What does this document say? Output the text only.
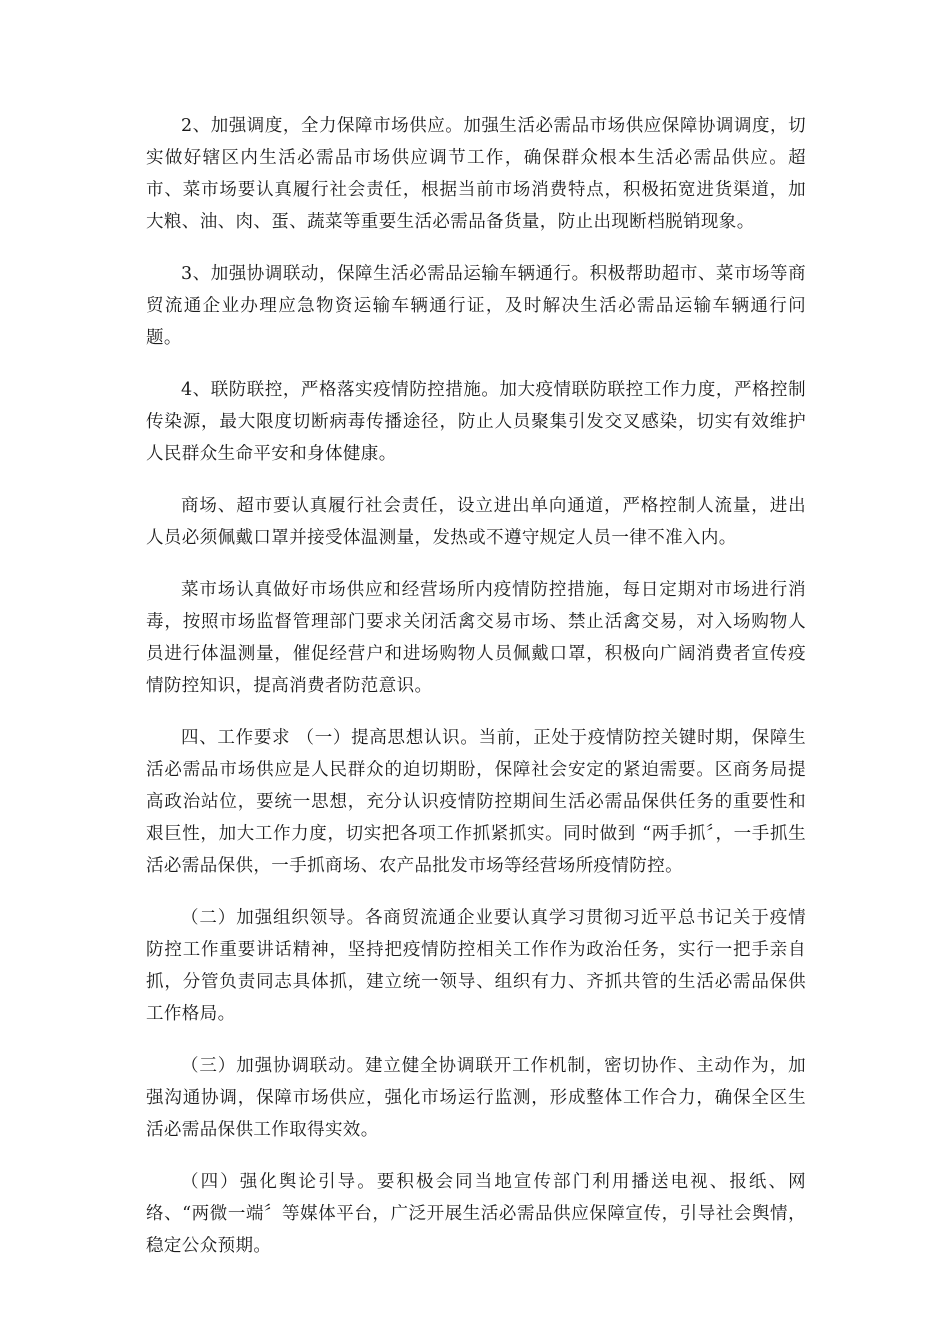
2、加强调度，全力保障市场供应。加强生活必需品市场供应保障协调调度，切实做好辖区内生活必需品市场供应调节工作，确保群众根本生活必需品供应。超市、菜市场要认真履行社会责任，根据当前市场消费特点，积极拓宽进货渠道，加大粮、油、肉、蛋、蔬菜等重要生活必需品备货量，防止出现断档脱销现象。

3、加强协调联动，保障生活必需品运输车辆通行。积极帮助超市、菜市场等商贸流通企业办理应急物资运输车辆通行证，及时解决生活必需品运输车辆通行问题。

4、联防联控，严格落实疫情防控措施。加大疫情联防联控工作力度，严格控制传染源，最大限度切断病毒传播途径，防止人员聚集引发交叉感染，切实有效维护人民群众生命平安和身体健康。

商场、超市要认真履行社会责任，设立进出单向通道，严格控制人流量，进出人员必须佩戴口罩并接受体温测量，发热或不遵守规定人员一律不准入内。

菜市场认真做好市场供应和经营场所内疫情防控措施，每日定期对市场进行消毒，按照市场监督管理部门要求关闭活禽交易市场、禁止活禽交易，对入场购物人员进行体温测量，催促经营户和进场购物人员佩戴口罩，积极向广阔消费者宣传疫情防控知识，提高消费者防范意识。

四、工作要求 （一）提高思想认识。当前，正处于疫情防控关键时期，保障生活必需品市场供应是人民群众的迫切期盼，保障社会安定的紧迫需要。区商务局提高政治站位，要统一思想，充分认识疫情防控期间生活必需品保供任务的重要性和艰巨性，加大工作力度，切实把各项工作抓紧抓实。同时做到 “两手抓〞，一手抓生活必需品保供，一手抓商场、农产品批发市场等经营场所疫情防控。

（二）加强组织领导。各商贸流通企业要认真学习贯彻习近平总书记关于疫情防控工作重要讲话精神，坚持把疫情防控相关工作作为政治任务，实行一把手亲自抓，分管负责同志具体抓，建立统一领导、组织有力、齐抓共管的生活必需品保供工作格局。

（三）加强协调联动。建立健全协调联开工作机制，密切协作、主动作为，加强沟通协调，保障市场供应，强化市场运行监测，形成整体工作合力，确保全区生活必需品保供工作取得实效。

（四）强化舆论引导。要积极会同当地宣传部门利用播送电视、报纸、网络、“两微一端〞等媒体平台，广泛开展生活必需品供应保障宣传，引导社会舆情，稳定公众预期。
